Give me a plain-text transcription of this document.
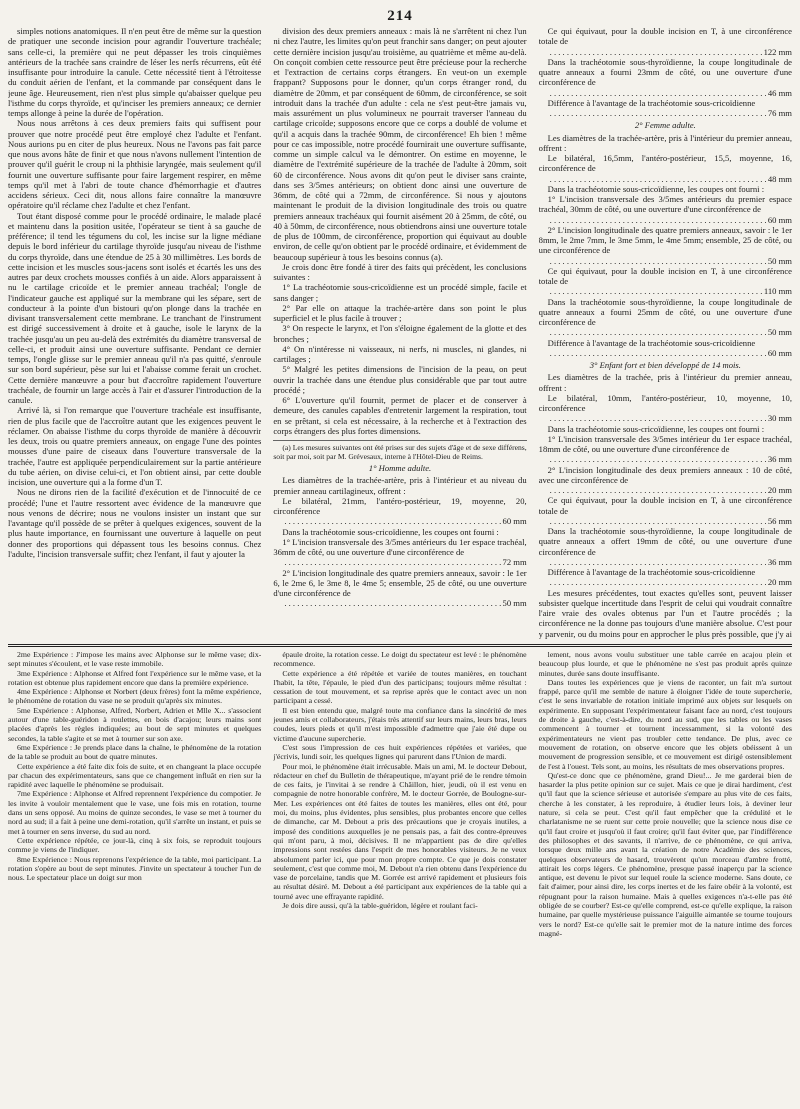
214

simples notions anatomiques. Il n'en peut être de même sur la question de pratiquer une seconde incision pour agrandir l'ouverture trachéale; sans celle-ci, la première qui ne peut dépasser les trois cinquièmes antérieurs de la trachée sans craindre de léser les nerfs récurrens, eût été insuffisante pour introduire la canule. Cette nécessité tient à l'étroitesse du conduit aérien de l'enfant, et la commande par conséquent dans le jeune âge. Heureusement, rien n'est plus simple qu'abaisser quelque peu l'isthme du corps thyroïde, et qu'inciser les premiers anneaux; ce dernier temps allonge à peine la durée de l'opération.

Nous nous arrêtons à ces deux premiers faits qui suffisent pour prouver que notre procédé peut être employé chez l'adulte et l'enfant. Nous aurions pu en citer de plus heureux. Nous ne l'avons pas fait parce que nous avons hâte de finir et que nous n'avons nullement l'intention de prouver qu'il guérit le croup ni la phthisie laryngée, mais seulement qu'il fournit une ouverture suffisante pour faire largement respirer, en même temps qu'il met à l'abri de toute chance d'hémorrhagie et d'autres accidens sérieux. Ceci dit, nous allons faire connaître la manœuvre opératoire qu'il réclame chez l'adulte et chez l'enfant.

Tout étant disposé comme pour le procédé ordinaire, le malade placé et maintenu dans la position usitée, l'opérateur se tient à sa gauche de préférence; il tend les tégumens du col, les incise sur la ligne médiane depuis le bord inférieur du cartilage thyroïde jusqu'au niveau de l'isthme du corps thyroïde, dans une étendue de 25 à 30 millimètres. Les bords de cette incision et les muscles sous-jacens sont isolés et écartés les uns des autres par deux crochets mousses confiés à un aide. Alors apparaissent à nu le cartilage cricoïde et le premier anneau trachéal; l'ongle de l'indicateur gauche est appliqué sur la membrane qui les sépare, sert de conducteur à la pointe d'un bistouri qu'on plonge dans la trachée en divisant transversalement cette membrane. Le tranchant de l'instrument est dirigé successivement à droite et à gauche, isole le larynx de la trachée jusqu'au un peu au-delà des extrémités du diamètre transversal de celle-ci, et produit ainsi une ouverture suffisante. Pendant ce dernier temps, l'ongle glisse sur le premier anneau qu'il n'a pas quitté, s'enroule sur son bord supérieur, pèse sur lui et l'abaisse comme ferait un crochet. Cette dernière manœuvre a pour but d'accroître rapidement l'ouverture trachéale, de fournir un large accès à l'air et d'assurer l'introduction de la canule.

Arrivé là, si l'on remarque que l'ouverture trachéale est insuffisante, rien de plus facile que de l'accroître autant que les exigences peuvent le réclamer. On abaisse l'isthme du corps thyroïde de manière à découvrir les deux, trois ou quatre premiers anneaux, on engage l'une des pointes mousses d'une paire de ciseaux dans l'ouverture transversale de la trachée, l'autre est appliquée perpendiculairement sur la partie antérieure du tube aérien, on divise celui-ci, et l'on obtient ainsi, par cette double incision, une ouverture qui a la forme d'un T.

Nous ne dirons rien de la facilité d'exécution et de l'innocuité de ce procédé; l'une et l'autre ressortent avec évidence de la manœuvre que nous venons de décrire; nous ne voulons insister un instant que sur l'avantage qu'il possède de se prêter à quelques exigences, souvent de la plus haute importance, en fournissant une ouverture à laquelle on peut donner des proportions qui dépassent tous les besoins connus. Chez l'adulte, l'incision transversale suffit; chez l'enfant, il faut y ajouter la

division des deux premiers anneaux : mais là ne s'arrêtent ni chez l'un ni chez l'autre, les limites qu'on peut franchir sans danger; on peut ajouter cette dernière incision jusqu'au troisième, au quatrième et même au-delà. On conçoit combien cette ressource peut être précieuse pour la recherche et l'extraction de certains corps étrangers. En veut-on un exemple frappant? Supposons pour le donner, qu'un corps étranger rond, du diamètre de 20mm, et par conséquent de 60mm, de circonférence, se soit introduit dans la trachée d'un adulte : cela ne s'est peut-être jamais vu, mais assurément un plus volumineux ne pourrait traverser l'anneau du cartilage cricoïde; supposons encore que ce corps a doublé de volume et qu'il a acquis dans la trachée 90mm, de circonférence! Eh bien ! même pour ce cas impossible, notre procédé fournirait une ouverture suffisante, comme un simple calcul va le démontrer. On estime en moyenne, le diamètre de l'extrémité supérieure de la trachée de l'adulte à 20mm, soit 60 de circonférence. Nous avons dit qu'on peut le diviser sans crainte, dans ses 3/5mes antérieurs; on obtient donc ainsi une ouverture de 36mm, de côté qui a 72mm, de circonférence. Si nous y ajoutons maintenant le produit de la division longitudinale des trois ou quatre premiers anneaux trachéaux qui fournit aisément 20 à 25mm, de côté, ou 40 à 50mm, de circonférence, nous obtiendrons ainsi une ouverture totale de plus de 100mm, de circonférence, proportion qui équivaut au double environ, de celle qu'on obtient par le procédé ordinaire, et évidemment de beaucoup supérieur à tous les besoins connus (a).

Je crois donc être fondé à tirer des faits qui précèdent, les conclusions suivantes :

1° La trachéotomie sous-cricoïdienne est un procédé simple, facile et sans danger ;

2° Par elle on attaque la trachée-artère dans son point le plus superficiel et le plus facile à trouver ;

3° On respecte le larynx, et l'on s'éloigne également de la glotte et des bronches ;

4° On n'intéresse ni vaisseaux, ni nerfs, ni muscles, ni glandes, ni cartilages ;

5° Malgré les petites dimensions de l'incision de la peau, on peut ouvrir la trachée dans une étendue plus considérable que par tout autre procédé ;

6° L'ouverture qu'il fournit, permet de placer et de conserver à demeure, des canules capables d'entretenir largement la respiration, tout en se prêtant, si cela est nécessaire, à la recherche et à l'extraction des corps étrangers des plus fortes dimensions.

(a) Les mesures suivantes ont été prises sur des sujets d'âge et de sexe différens, soit par moi, soit par M. Grévesaux, interne à l'Hôtel-Dieu de Reims.

1° Homme adulte.

Les diamètres de la trachée-artère, pris à l'intérieur et au niveau du premier anneau cartilagineux, offrent :

Le bilatéral, 21mm, l'antéro-postérieur, 19, moyenne, 20, circonférence

. . .
60 mm

Dans la trachéotomie sous-cricoïdienne, les coupes ont fourni :

1° L'incision transversale des 3/5mes antérieurs du 1er espace trachéal, 36mm de côté, ou une ouverture d'une circonférence de

. . .
72 mm

2° L'incision longitudinale des quatre premiers anneaux, savoir : le 1er 6, le 2me 6, le 3me 8, le 4me 5; ensemble, 25 de côté, ou une ouverture d'une circonférence de

. . .
50 mm

Ce qui équivaut, pour la double incision en T, à une circonférence totale de

. . .
122 mm

Dans la trachéotomie sous-thyroïdienne, la coupe longitudinale de quatre anneaux a fourni 23mm de côté, ou une ouverture d'une circonférence de

. . .
46 mm

Différence à l'avantage de la trachéotomie sous-cricoïdienne

. . .
76 mm

2° Femme adulte.

Les diamètres de la trachée-artère, pris à l'intérieur du premier anneau, offrent :

Le bilatéral, 16,5mm, l'antéro-postérieur, 15,5, moyenne, 16, circonférence de

. . .
48 mm

Dans la trachéotomie sous-cricoïdienne, les coupes ont fourni :

1° L'incision transversale des 3/5mes antérieurs du premier espace trachéal, 30mm de côté, ou une ouverture d'une circonférence de

. . .
60 mm

2° L'incision longitudinale des quatre premiers anneaux, savoir : le 1er 8mm, le 2me 7mm, le 3me 5mm, le 4me 5mm; ensemble, 25 de côté, ou une circonférence de

. . .
50 mm

Ce qui équivaut, pour la double incision en T, à une circonférence totale de

. . .
110 mm

Dans la trachéotomie sous-thyroïdienne, la coupe longitudinale de quatre anneaux a fourni 25mm de côté, ou une ouverture d'une circonférence de

. . .
50 mm

Différence à l'avantage de la trachéotomie sous-cricoïdienne

. . .
60 mm

3° Enfant fort et bien développé de 14 mois.

Les diamètres de la trachée, pris à l'intérieur du premier anneau, offrent :

Le bilatéral, 10mm, l'antéro-postérieur, 10, moyenne, 10, circonférence

. . .
30 mm

Dans la trachéotomie sous-cricoïdienne, les coupes ont fourni :

1° L'incision transversale des 3/5mes intérieur du 1er espace trachéal, 18mm de côté, ou une ouverture d'une circonférence de

. . .
36 mm

2° L'incision longitudinale des deux premiers anneaux : 10 de côté, avec une circonférence de

. . .
20 mm

Ce qui équivaut, pour la double incision en T, à une circonférence totale de

. . .
56 mm

Dans la trachéotomie sous-thyroïdienne, la coupe longitudinale de quatre anneaux a offert 19mm de côté, ou une ouverture d'une circonférence de

. . .
36 mm

Différence à l'avantage de la trachéotomie sous-cricoïdienne

. . .
20 mm

Les mesures précédentes, tout exactes qu'elles sont, peuvent laisser subsister quelque incertitude dans l'esprit de celui qui voudrait connaître l'aire vraie des ovales obtenus par l'un et l'autre procédés ; la circonférence ne la donne pas toujours d'une manière absolue. C'est pour y parvenir, ou du moins pour en approcher le plus près possible, que j'y ai

2me Expérience : J'impose les mains avec Alphonse sur le même vase; dix-sept minutes s'écoulent, et le vase reste immobile.

3me Expérience : Alphonse et Alfred font l'expérience sur le même vase, et la rotation est obtenue plus rapidement encore que dans la première expérience.

4me Expérience : Alphonse et Norbert (deux frères) font la même expérience, le phénomène de rotation du vase ne se produit qu'après six minutes.

5me Expérience : Alphonse, Alfred, Norbert, Adrien et Mlle X... s'associent autour d'une table-guéridon à roulettes, en bois d'acajou; leurs mains sont placées d'après les règles indiquées; au bout de sept minutes et quelques secondes, la table s'agite et se met à tourner sur son axe.

6me Expérience : Je prends place dans la chaîne, le phénomène de la rotation de la table se produit au bout de quatre minutes.

Cette expérience a été faite dix fois de suite, et en changeant la place occupée par chacun des expérimentateurs, sans que ce changement influât en rien sur la rapidité avec laquelle le phénomène se produisait.

7me Expérience : Alphonse et Alfred reprennent l'expérience du compotier. Je les invite à vouloir mentalement que le vase, une fois mis en rotation, tourne dans un sens opposé. Au moins de quinze secondes, le vase se met à tourner du nord au sud; il a fait à peine une demi-rotation, qu'il s'arrête un instant, et puis se met à tourner en sens inverse, du sud au nord.

Cette expérience répétée, ce jour-là, cinq à six fois, se reproduit toujours comme je viens de l'indiquer.

8me Expérience : Nous reprenons l'expérience de la table, moi participant. La rotation s'opère au bout de sept minutes. J'invite un spectateur à toucher l'un de nous. Le spectateur place un doigt sur mon

épaule droite, la rotation cesse. Le doigt du spectateur est levé : le phénomène recommence.

Cette expérience a été répétée et variée de toutes manières, en touchant l'habit, la tête, l'épaule, le pied d'un des participans; toujours même résultat : cessation de tout mouvement, et sa reprise après que le contact avec un non participant a cessé.

Il est bien entendu que, malgré toute ma confiance dans la sincérité de mes jeunes amis et collaborateurs, j'étais très attentif sur leurs mains, leurs bras, leurs coudes, leurs pieds et qu'il m'est impossible d'admettre que j'aie été dupe ou victime d'aucune supercherie.

C'est sous l'impression de ces huit expériences répétées et variées, que j'écrivis, lundi soir, les quelques lignes qui parurent dans l'Union de mardi.

Pour moi, le phénomène était irrécusable. Mais un ami, M. le docteur Debout, rédacteur en chef du Bulletin de thérapeutique, m'ayant prié de le rendre témoin de ces faits, je l'invitai à se rendre à Châillon, hier, jeudi, où il est venu en compagnie de notre honorable confrère, M. le docteur Gorrée, de Boulogne-sur-Mer. Les expériences ont été faites de toutes les manières, elles ont été, pour moi, du moins, plus évidentes, plus sensibles, plus probantes encore que celles de dimanche, car M. Debout a pris des précautions que je croyais inutiles, a imposé des conditions auxquelles je ne pensais pas, a fait des contre-épreuves qui m'ont paru, à moi, décisives. Il ne m'appartient pas de dire qu'elles impressions sont restées dans l'esprit de mes honorables visiteurs. Je ne veux absolument parler ici, que pour mon propre compte. Ce que je dois constater seulement, c'est que comme moi, M. Debout n'a rien obtenu dans l'expérience du vase de porcelaine, tandis que M. Gorrée est arrivé rapidement et plusieurs fois au résultat désiré. M. Debout a été participant aux expériences de la table qui a tourné avec une effrayante rapidité.

Je dois dire aussi, qu'à la table-guéridon, légère et roulant faci-

lement, nous avons voulu substituer une table carrée en acajou plein et beaucoup plus lourde, et que le phénomène ne s'est pas produit après quinze minutes, durée sans doute insuffisante.

Dans toutes les expériences que je viens de raconter, un fait m'a surtout frappé, parce qu'il me semble de nature à éloigner l'idée de toute supercherie, c'est le sens invariable de rotation initiale imprimé aux objets sur lesquels on expérimente. En supposant l'expérimentateur faisant face au nord, c'est toujours de droite à gauche, c'est-à-dire, du nord au sud, que les tables ou les vases commencent à tourner et tournent incessamment, si la volonté des expérimentateurs ne vient pas troubler cette tendance. De plus, avec ce mouvement de rotation, on observe encore que les objets obéissent à un mouvement de progression sensible, et ce mouvement est dirigé ostensiblement de l'est à l'ouest. Tels sont, au moins, les résultats de mes observations propres.

Qu'est-ce donc que ce phénomène, grand Dieu!... Je me garderai bien de hasarder la plus petite opinion sur ce sujet. Mais ce que je dirai hardiment, c'est qu'il faut que la science sérieuse et autorisée s'empare au plus vite de ces faits, cherche à les constater, à les reproduire, à étudier leurs lois, à deviner leur nature, si cela se peut. C'est qu'il faut empêcher que la crédulité et le charlatanisme ne se ruent sur cette proie nouvelle; que la science nous dise ce qu'il faut croire et jusqu'où il faut croire; qu'il faut éviter que, par l'indifférence des philosophes et des savants, il n'arrive, de ce phénomène, ce qui arriva, lorsque deux mille ans avant la création de notre Académie des sciences, quelques observateurs de hasard, trouvèrent qu'un morceau d'ambre frotté, attirait les corps légers. Ce phénomène, presque passé inaperçu par la science antique, est devenu le pivot sur lequel roule la science moderne. Sans doute, ce fait d'aimer, pour ainsi dire, les corps inertes et de les faire obéir à la volonté, est répugnant pour la raison humaine. Mais à quelles exigences n'a-t-elle pas été obligée de se courber? Est-ce qu'elle comprend, est-ce qu'elle explique, la raison humaine, par quelle mystérieuse puissance l'aiguille aimantée se tourne toujours vers le nord? Est-ce qu'elle sait le premier mot de la nature intime des forces magné-
